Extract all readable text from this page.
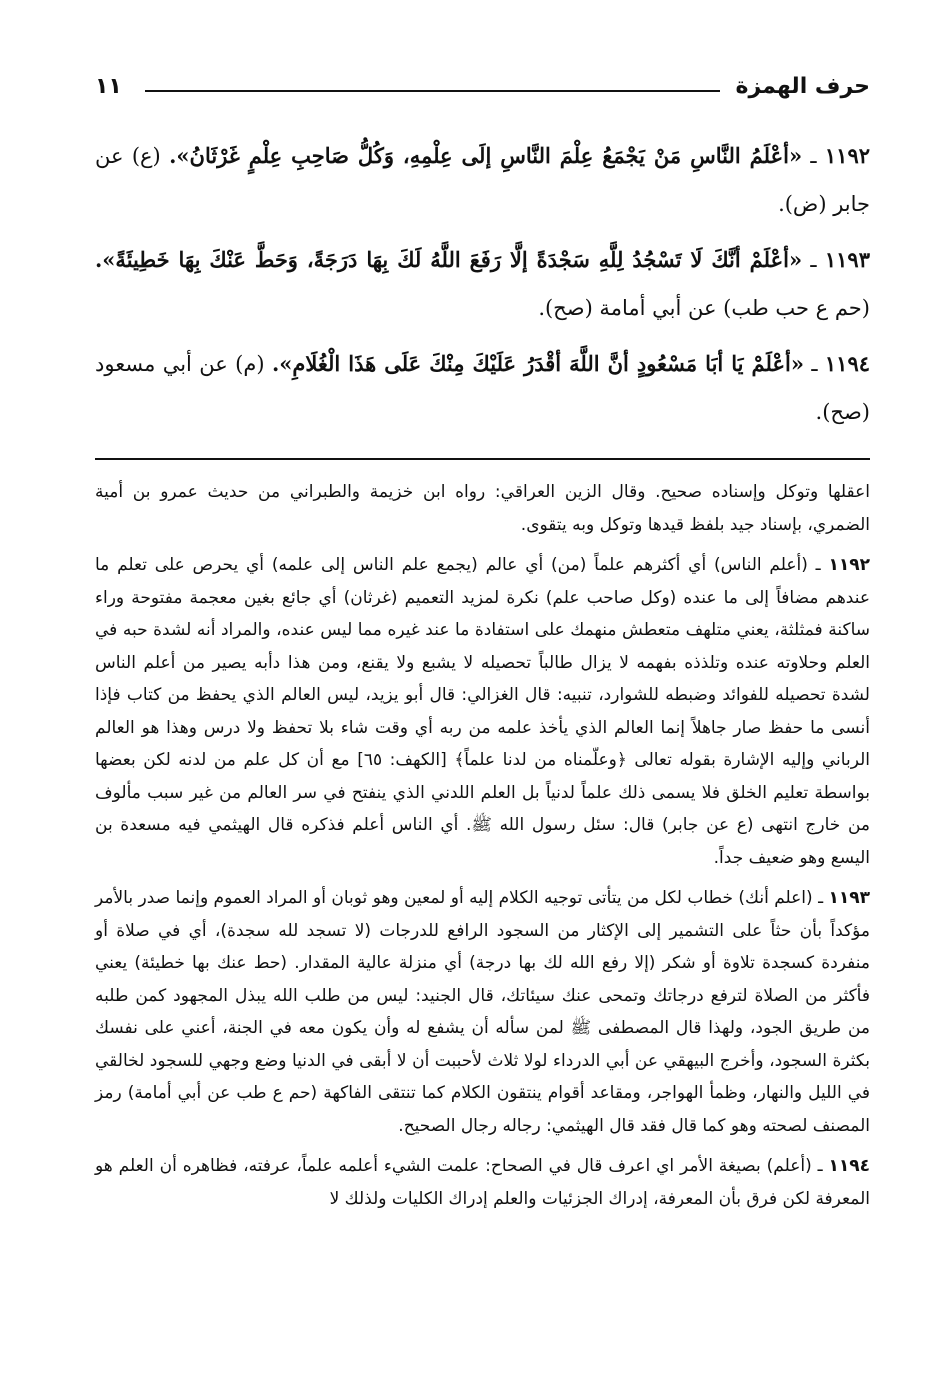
حرف الهمزة
١١

١١٩٢ ـ «أعْلَمُ النَّاسِ مَنْ يَجْمَعُ عِلْمَ النَّاسِ إلَى عِلْمِهِ، وَكُلُّ صَاحِبِ عِلْمٍ غَرْثَانُ». (ع) عن جابر (ض).

١١٩٣ ـ «أعْلَمْ أنَّكَ لَا تَسْجُدُ لِلَّهِ سَجْدَةً إلَّا رَفَعَ اللَّهُ لَكَ بِهَا دَرَجَةً، وَحَطَّ عَنْكَ بِهَا خَطِيئَةً». (حم ع حب طب) عن أبي أمامة (صح).

١١٩٤ ـ «أعْلَمْ يَا أبَا مَسْعُودٍ أنَّ اللَّهَ أقْدَرُ عَلَيْكَ مِنْكَ عَلَى هَذَا الْغُلَامِ». (م) عن أبي مسعود (صح).

اعقلها وتوكل وإسناده صحيح. وقال الزين العراقي: رواه ابن خزيمة والطبراني من حديث عمرو بن أمية الضمري، بإسناد جيد بلفظ قيدها وتوكل وبه يتقوى.

١١٩٢ ـ (أعلم الناس) أي أكثرهم علماً (من) أي عالم (يجمع علم الناس إلى علمه) أي يحرص على تعلم ما عندهم مضافاً إلى ما عنده (وكل صاحب علم) نكرة لمزيد التعميم (غرثان) أي جائع بغين معجمة مفتوحة وراء ساكنة فمثلثة، يعني متلهف متعطش منهمك على استفادة ما عند غيره مما ليس عنده، والمراد أنه لشدة حبه في العلم وحلاوته عنده وتلذذه بفهمه لا يزال طالباً تحصيله لا يشبع ولا يقنع، ومن هذا دأبه يصير من أعلم الناس لشدة تحصيله للفوائد وضبطه للشوارد، تنبيه: قال الغزالي: قال أبو يزيد، ليس العالم الذي يحفظ من كتاب فإذا أنسى ما حفظ صار جاهلاً إنما العالم الذي يأخذ علمه من ربه أي وقت شاء بلا تحفظ ولا درس وهذا هو العالم الرباني وإليه الإشارة بقوله تعالى ﴿وعلّمناه من لدنا علماً﴾ [الكهف: ٦٥] مع أن كل علم من لدنه لكن بعضها بواسطة تعليم الخلق فلا يسمى ذلك علماً لدنياً بل العلم اللدني الذي ينفتح في سر العالم من غير سبب مألوف من خارج انتهى (ع عن جابر) قال: سئل رسول الله ﷺ. أي الناس أعلم فذكره قال الهيثمي فيه مسعدة بن اليسع وهو ضعيف جداً.

١١٩٣ ـ (اعلم أنك) خطاب لكل من يتأتى توجيه الكلام إليه أو لمعين وهو ثوبان أو المراد العموم وإنما صدر بالأمر مؤكداً بأن حثاً على التشمير إلى الإكثار من السجود الرافع للدرجات (لا تسجد لله سجدة)، أي في صلاة أو منفردة كسجدة تلاوة أو شكر (إلا رفع الله لك بها درجة) أي منزلة عالية المقدار. (حط عنك بها خطيئة) يعني فأكثر من الصلاة لترفع درجاتك وتمحى عنك سيئاتك، قال الجنيد: ليس من طلب الله يبذل المجهود كمن طلبه من طريق الجود، ولهذا قال المصطفى ﷺ لمن سأله أن يشفع له وأن يكون معه في الجنة، أعني على نفسك بكثرة السجود، وأخرج البيهقي عن أبي الدرداء لولا ثلاث لأحببت أن لا أبقى في الدنيا وضع وجهي للسجود لخالقي في الليل والنهار، وظمأ الهواجر، ومقاعد أقوام ينتقون الكلام كما تنتقى الفاكهة (حم ع طب عن أبي أمامة) رمز المصنف لصحته وهو كما قال فقد قال الهيثمي: رجاله رجال الصحيح.

١١٩٤ ـ (أعلم) بصيغة الأمر اي اعرف قال في الصحاح: علمت الشيء أعلمه علماً، عرفته، فظاهره أن العلم هو المعرفة لكن فرق بأن المعرفة، إدراك الجزئيات والعلم إدراك الكليات ولذلك لا
